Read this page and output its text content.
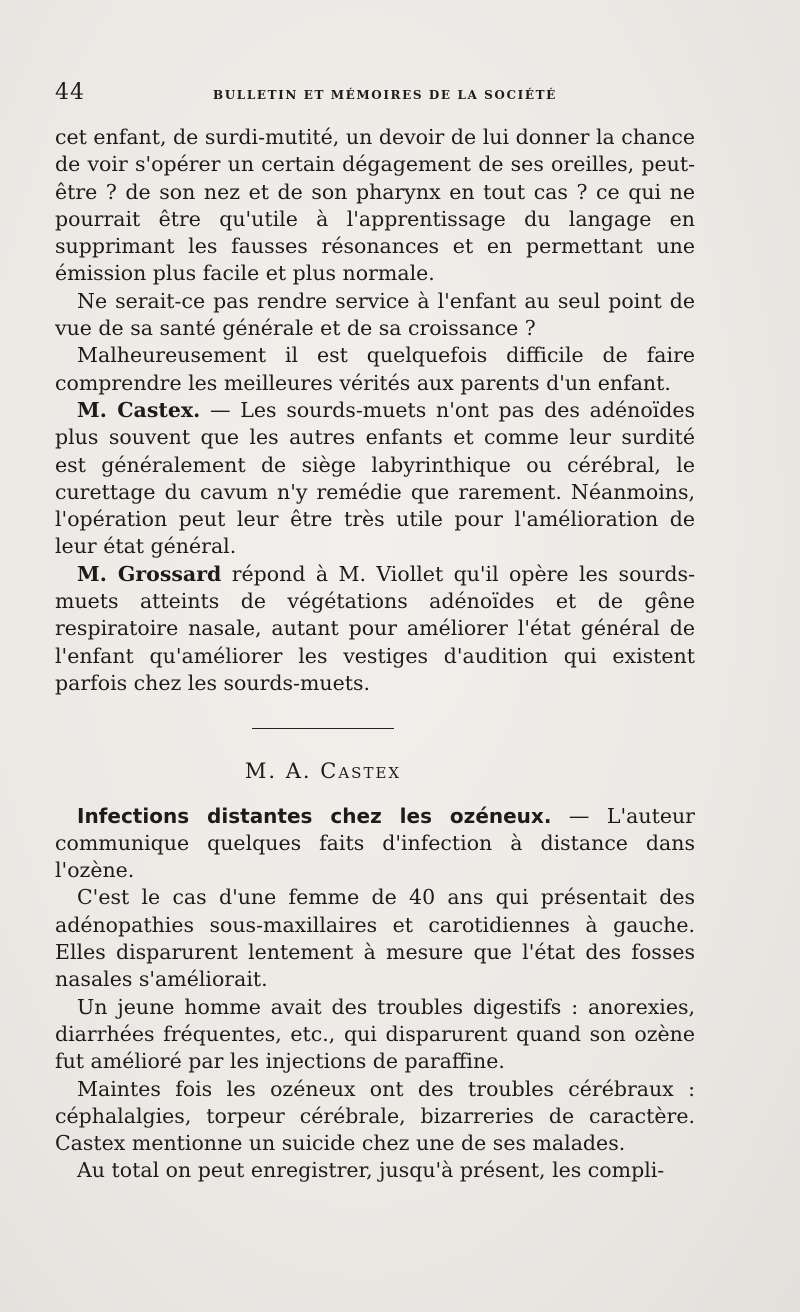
44	BULLETIN ET MÉMOIRES DE LA SOCIÉTÉ

cet enfant, de surdi-mutité, un devoir de lui donner la chance de voir s'opérer un certain dégagement de ses oreilles, peut-être ? de son nez et de son pharynx en tout cas ? ce qui ne pourrait être qu'utile à l'apprentissage du langage en supprimant les fausses résonances et en permettant une émission plus facile et plus normale.

Ne serait-ce pas rendre service à l'enfant au seul point de vue de sa santé générale et de sa croissance ?

Malheureusement il est quelquefois difficile de faire comprendre les meilleures vérités aux parents d'un enfant.

M. Castex. — Les sourds-muets n'ont pas des adénoïdes plus souvent que les autres enfants et comme leur surdité est généralement de siège labyrinthique ou cérébral, le curettage du cavum n'y remédie que rarement. Néanmoins, l'opération peut leur être très utile pour l'amélioration de leur état général.

M. Grossard répond à M. Viollet qu'il opère les sourds-muets atteints de végétations adénoïdes et de gêne respiratoire nasale, autant pour améliorer l'état général de l'enfant qu'améliorer les vestiges d'audition qui existent parfois chez les sourds-muets.

M. A. Castex

Infections distantes chez les ozéneux. — L'auteur communique quelques faits d'infection à distance dans l'ozène.

C'est le cas d'une femme de 40 ans qui présentait des adénopathies sous-maxillaires et carotidiennes à gauche. Elles disparurent lentement à mesure que l'état des fosses nasales s'améliorait.

Un jeune homme avait des troubles digestifs : anorexies, diarrhées fréquentes, etc., qui disparurent quand son ozène fut amélioré par les injections de paraffine.

Maintes fois les ozéneux ont des troubles cérébraux : céphalalgies, torpeur cérébrale, bizarreries de caractère. Castex mentionne un suicide chez une de ses malades.

Au total on peut enregistrer, jusqu'à présent, les compli-
